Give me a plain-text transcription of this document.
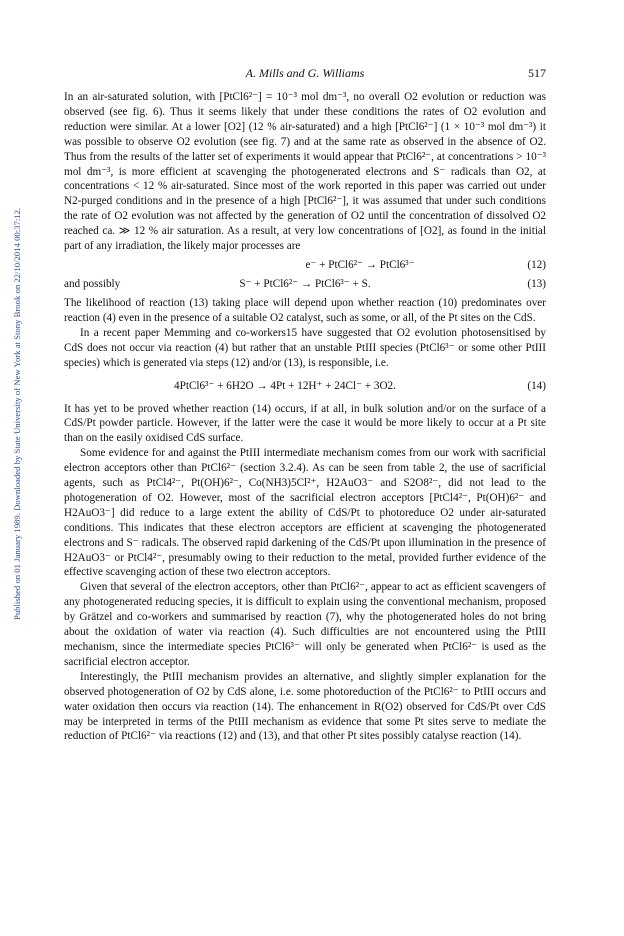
Published on 01 January 1989. Downloaded by State University of New York at Stony Brook on 22/10/2014 00:37:12.
A. Mills and G. Williams	517

In an air-saturated solution, with [PtCl6²⁻] = 10⁻³ mol dm⁻³, no overall O2 evolution or reduction was observed (see fig. 6). Thus it seems likely that under these conditions the rates of O2 evolution and reduction were similar. At a lower [O2] (12 % air-saturated) and a high [PtCl6²⁻] (1 × 10⁻³ mol dm⁻³) it was possible to observe O2 evolution (see fig. 7) and at the same rate as observed in the absence of O2. Thus from the results of the latter set of experiments it would appear that PtCl6²⁻, at concentrations > 10⁻³ mol dm⁻³, is more efficient at scavenging the photogenerated electrons and S⁻ radicals than O2, at concentrations < 12 % air-saturated. Since most of the work reported in this paper was carried out under N2-purged conditions and in the presence of a high [PtCl6²⁻], it was assumed that under such conditions the rate of O2 evolution was not affected by the generation of O2 until the concentration of dissolved O2 reached ca. ≫ 12 % air saturation. As a result, at very low concentrations of [O2], as found in the initial part of any irradiation, the likely major processes are

e⁻ + PtCl6²⁻ → PtCl6³⁻	(12)
and possibly	S⁻ + PtCl6²⁻ → PtCl6³⁻ + S.	(13)

The likelihood of reaction (13) taking place will depend upon whether reaction (10) predominates over reaction (4) even in the presence of a suitable O2 catalyst, such as some, or all, of the Pt sites on the CdS.

In a recent paper Memming and co-workers15 have suggested that O2 evolution photosensitised by CdS does not occur via reaction (4) but rather that an unstable PtIII species (PtCl6³⁻ or some other PtIII species) which is generated via steps (12) and/or (13), is responsible, i.e.

4PtCl6³⁻ + 6H2O → 4Pt + 12H⁺ + 24Cl⁻ + 3O2.	(14)

It has yet to be proved whether reaction (14) occurs, if at all, in bulk solution and/or on the surface of a CdS/Pt powder particle. However, if the latter were the case it would be more likely to occur at a Pt site than on the easily oxidised CdS surface.

Some evidence for and against the PtIII intermediate mechanism comes from our work with sacrificial electron acceptors other than PtCl6²⁻ (section 3.2.4). As can be seen from table 2, the use of sacrificial agents, such as PtCl4²⁻, Pt(OH)6²⁻, Co(NH3)5Cl²⁺, H2AuO3⁻ and S2O8²⁻, did not lead to the photogeneration of O2. However, most of the sacrificial electron acceptors [PtCl4²⁻, Pt(OH)6²⁻ and H2AuO3⁻] did reduce to a large extent the ability of CdS/Pt to photoreduce O2 under air-saturated conditions. This indicates that these electron acceptors are efficient at scavenging the photogenerated electrons and S⁻ radicals. The observed rapid darkening of the CdS/Pt upon illumination in the presence of H2AuO3⁻ or PtCl4²⁻, presumably owing to their reduction to the metal, provided further evidence of the effective scavenging action of these two electron acceptors.

Given that several of the electron acceptors, other than PtCl6²⁻, appear to act as efficient scavengers of any photogenerated reducing species, it is difficult to explain using the conventional mechanism, proposed by Grätzel and co-workers and summarised by reaction (7), why the photogenerated holes do not bring about the oxidation of water via reaction (4). Such difficulties are not encountered using the PtIII mechanism, since the intermediate species PtCl6³⁻ will only be generated when PtCl6²⁻ is used as the sacrificial electron acceptor.

Interestingly, the PtIII mechanism provides an alternative, and slightly simpler explanation for the observed photogeneration of O2 by CdS alone, i.e. some photoreduction of the PtCl6²⁻ to PtIII occurs and water oxidation then occurs via reaction (14). The enhancement in R(O2) observed for CdS/Pt over CdS may be interpreted in terms of the PtIII mechanism as evidence that some Pt sites serve to mediate the reduction of PtCl6²⁻ via reactions (12) and (13), and that other Pt sites possibly catalyse reaction (14).
